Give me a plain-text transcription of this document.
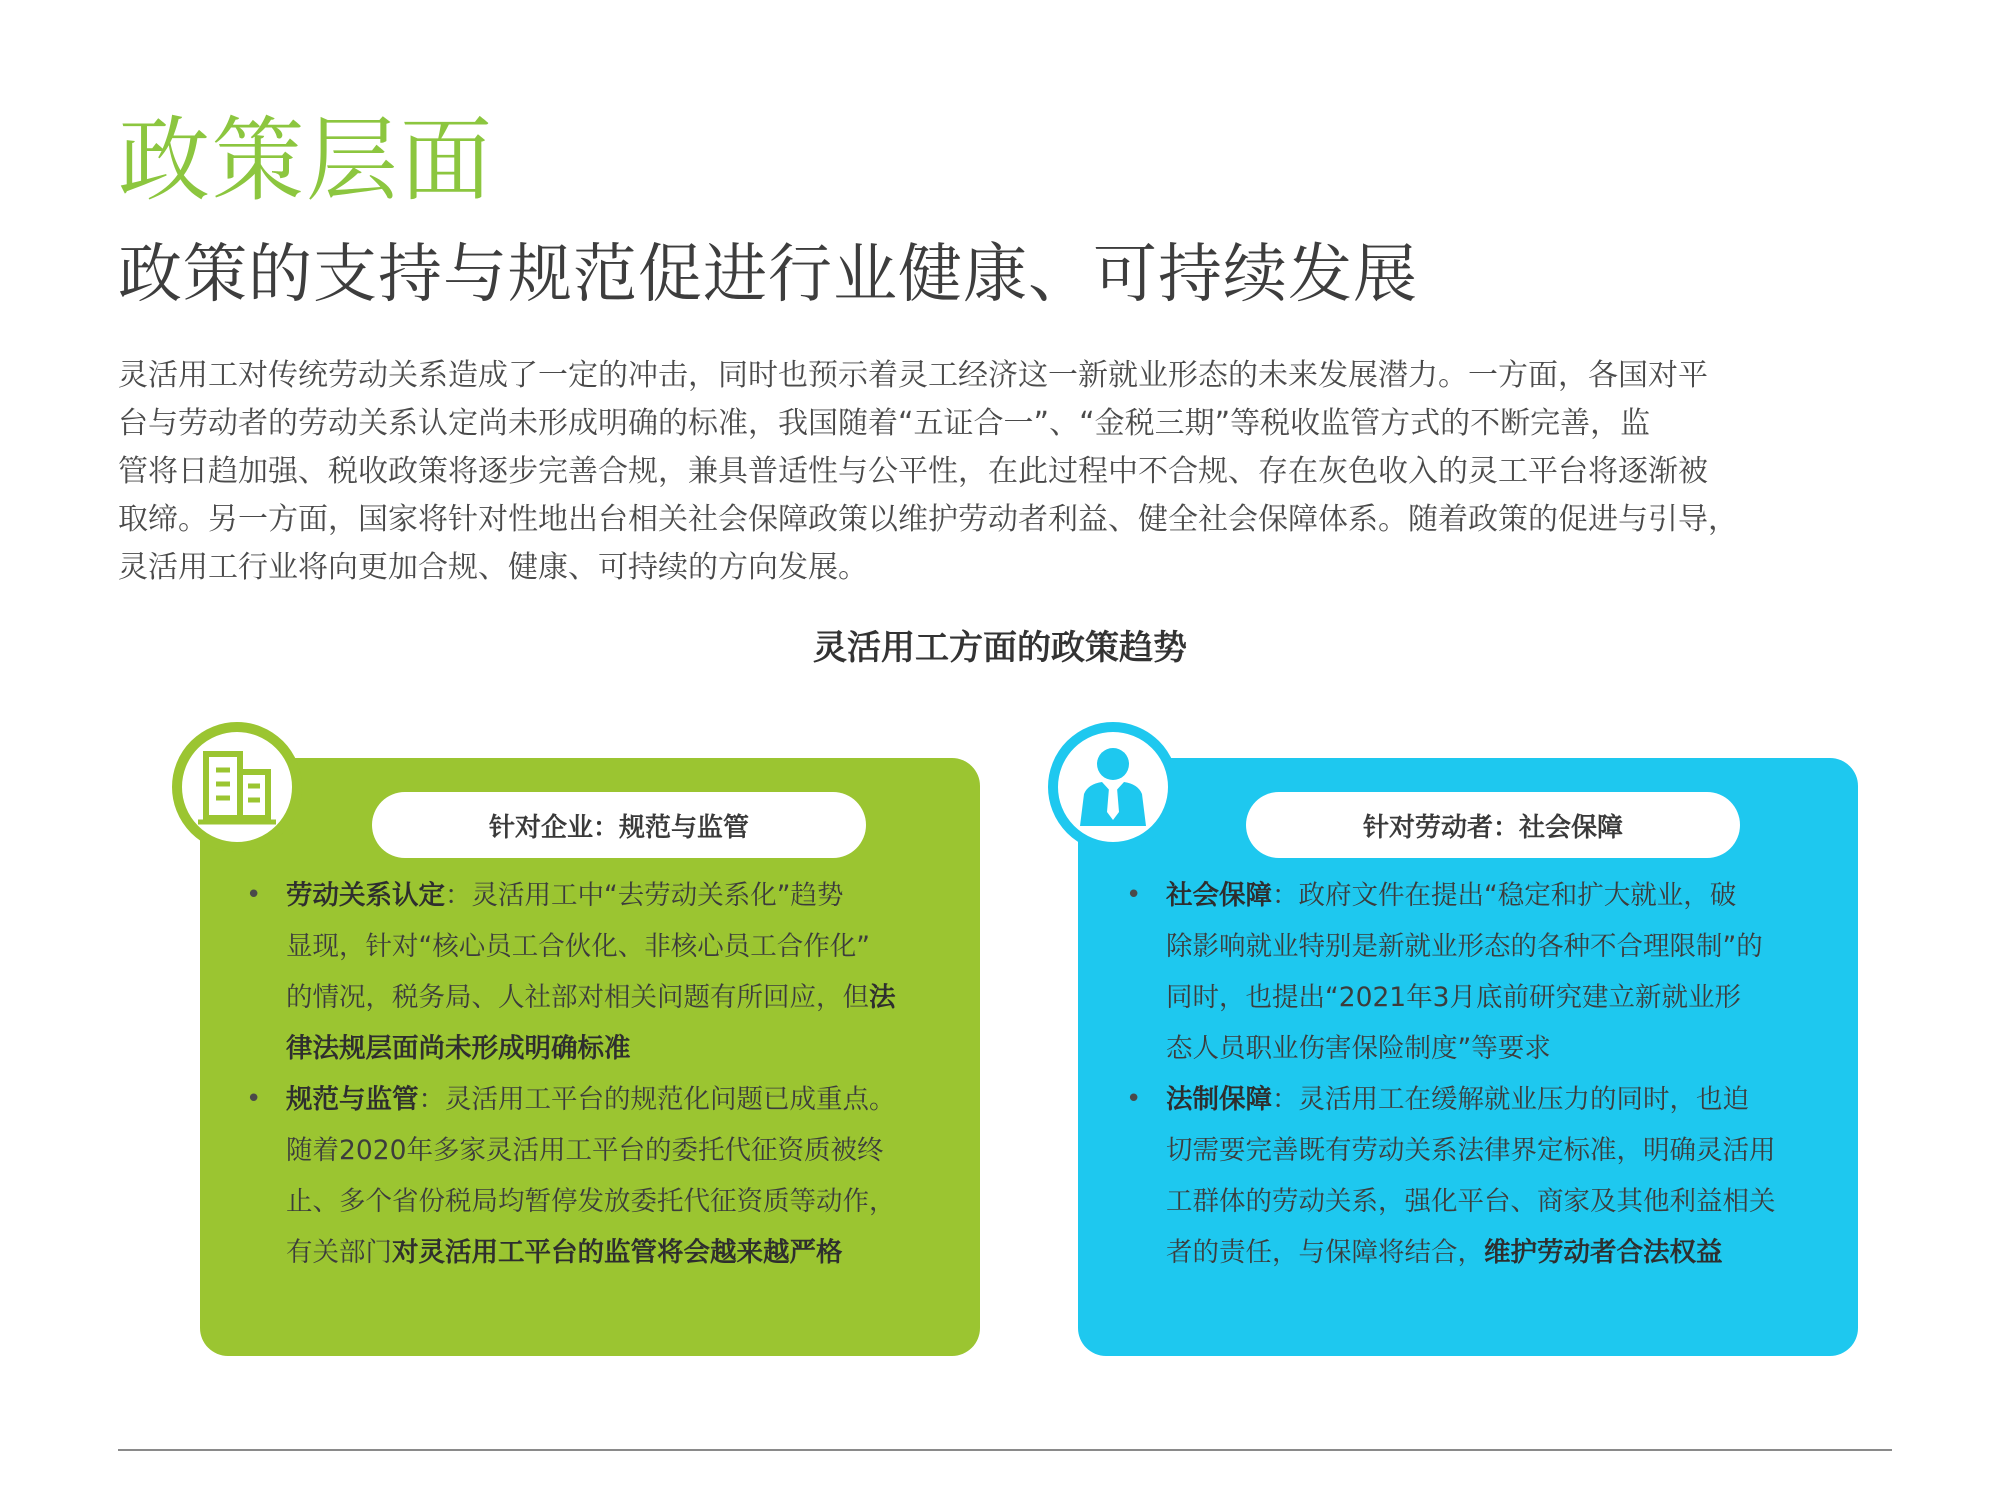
政策层面
政策的支持与规范促进行业健康、可持续发展
灵活用工对传统劳动关系造成了一定的冲击，同时也预示着灵工经济这一新就业形态的未来发展潜力。一方面，各国对平
台与劳动者的劳动关系认定尚未形成明确的标准，我国随着“五证合一”、“金税三期”等税收监管方式的不断完善，监
管将日趋加强、税收政策将逐步完善合规，兼具普适性与公平性，在此过程中不合规、存在灰色收入的灵工平台将逐渐被
取缔。另一方面，国家将针对性地出台相关社会保障政策以维护劳动者利益、健全社会保障体系。随着政策的促进与引导，
灵活用工行业将向更加合规、健康、可持续的方向发展。
灵活用工方面的政策趋势
针对企业：规范与监管
• 劳动关系认定：灵活用工中“去劳动关系化”趋势
显现，针对“核心员工合伙化、非核心员工合作化”
的情况，税务局、人社部对相关问题有所回应，但法
律法规层面尚未形成明确标准
• 规范与监管：灵活用工平台的规范化问题已成重点。
随着2020年多家灵活用工平台的委托代征资质被终
止、多个省份税局均暂停发放委托代征资质等动作，
有关部门对灵活用工平台的监管将会越来越严格
针对劳动者：社会保障
• 社会保障：政府文件在提出“稳定和扩大就业，破
除影响就业特别是新就业形态的各种不合理限制”的
同时，也提出“2021年3月底前研究建立新就业形
态人员职业伤害保险制度”等要求
• 法制保障：灵活用工在缓解就业压力的同时，也迫
切需要完善既有劳动关系法律界定标准，明确灵活用
工群体的劳动关系，强化平台、商家及其他利益相关
者的责任，与保障将结合，维护劳动者合法权益
